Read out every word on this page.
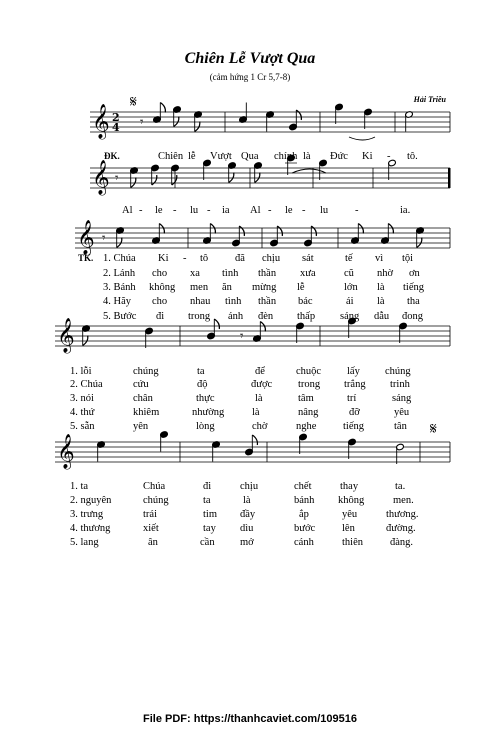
Chiên Lễ Vượt Qua
(cảm hứng 1 Cr 5,7-8)
Hải Triều
𝄞 2
4
𝄋
𝄞
𝄞
𝄞
𝄞
𝄋
𝄾
𝄾
𝄾
𝄾
ĐK.	Chiên lễ Vượt Qua chính là Đức Ki - tô.
Al - le - lu - ia Al - le - lu	-	ia.
TK. 1. Chúa Ki - tô	đã chịu sát	tế vì tội
2. Lánh cho xa tình thần xưa	cũ nhờ ơn
3. Bánh không men ăn mừng lễ	lớn là tiếng
4. Hãy cho nhau tình thần bác	ái là tha
5. Bước đi trong ánh đèn thấp sáng dẫu đong
1. lỗi	chúng	ta	để	chuộc lấy chúng
2. Chúa	cứu	độ	được trong trắng trinh
3. nói	chân	thực	là	tâm	trí	sáng
4. thứ	khiêm	nhường	là	nâng	đỡ	yêu
5. sẵn	yên	lòng	chờ	nghe	tiếng	tân
1. ta	Chúa	đi	chịu	chết	thay	ta.
2. nguyên	chúng	ta	là	bánh không	men.
3. trưng	trái	tim đầy	ắp	yêu	thương.
4. thương	xiết	tay dìu	bước	lên	đường.
5. lang	ân	cần mở	cánh	thiên	đàng.
File PDF: https://thanhcaviet.com/109516
